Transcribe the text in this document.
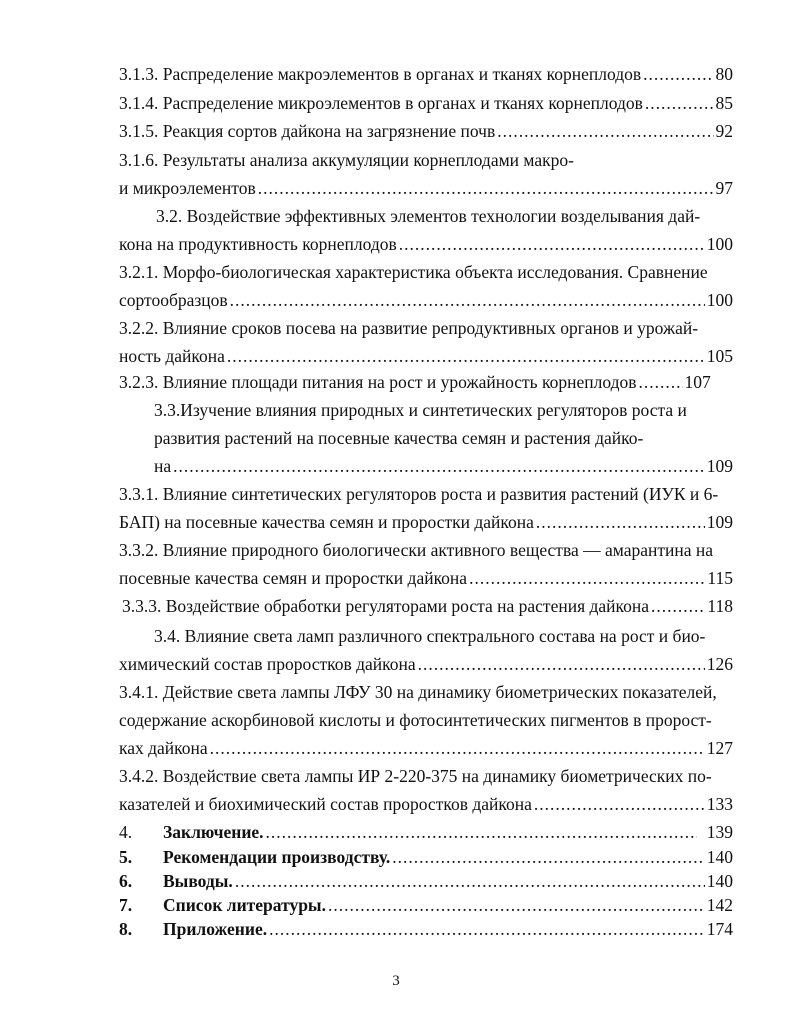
3.1.3. Распределение макроэлементов в органах и тканях корнеплодов .....	80
3.1.4. Распределение микроэлементов в органах и тканях корнеплодов .....	85
3.1.5. Реакция сортов дайкона на загрязнение почв .....	92
3.1.6. Результаты анализа аккумуляции корнеплодами макро-
и микроэлементов .....	97
3.2. Воздействие эффективных элементов технологии возделывания дай-
кона на продуктивность корнеплодов .....	100
3.2.1. Морфо-биологическая характеристика объекта исследования. Сравнение
сортообразцов .....	100
3.2.2. Влияние сроков посева на развитие репродуктивных органов и урожай-
ность дайкона .....	105
3.2.3. Влияние площади питания на рост и урожайность корнеплодов .....	107
3.3.Изучение влияния природных и синтетических регуляторов роста и
развития растений на посевные качества семян и растения дайко-
на .....	109
3.3.1. Влияние синтетических регуляторов роста и развития растений (ИУК и 6-
БАП) на посевные качества семян и проростки дайкона .....	109
3.3.2. Влияние природного биологически активного вещества — амарантина на
посевные качества семян и проростки дайкона .....	115
3.3.3. Воздействие обработки регуляторами роста на растения дайкона .....	118
3.4. Влияние света ламп различного спектрального состава на рост и био-
химический состав проростков дайкона .....	126
3.4.1. Действие света лампы ЛФУ 30 на динамику биометрических показателей,
содержание аскорбиновой кислоты и фотосинтетических пигментов в пророст-
ках дайкона .....	127
3.4.2. Воздействие света лампы ИР 2-220-375 на динамику биометрических по-
казателей и биохимический состав проростков дайкона .....	133
4.	Заключение. .....	139
5.	Рекомендации производству. .....	140
6.	Выводы. .....	140
7.	Список литературы. .....	142
8.	Приложение. .....	174
3
